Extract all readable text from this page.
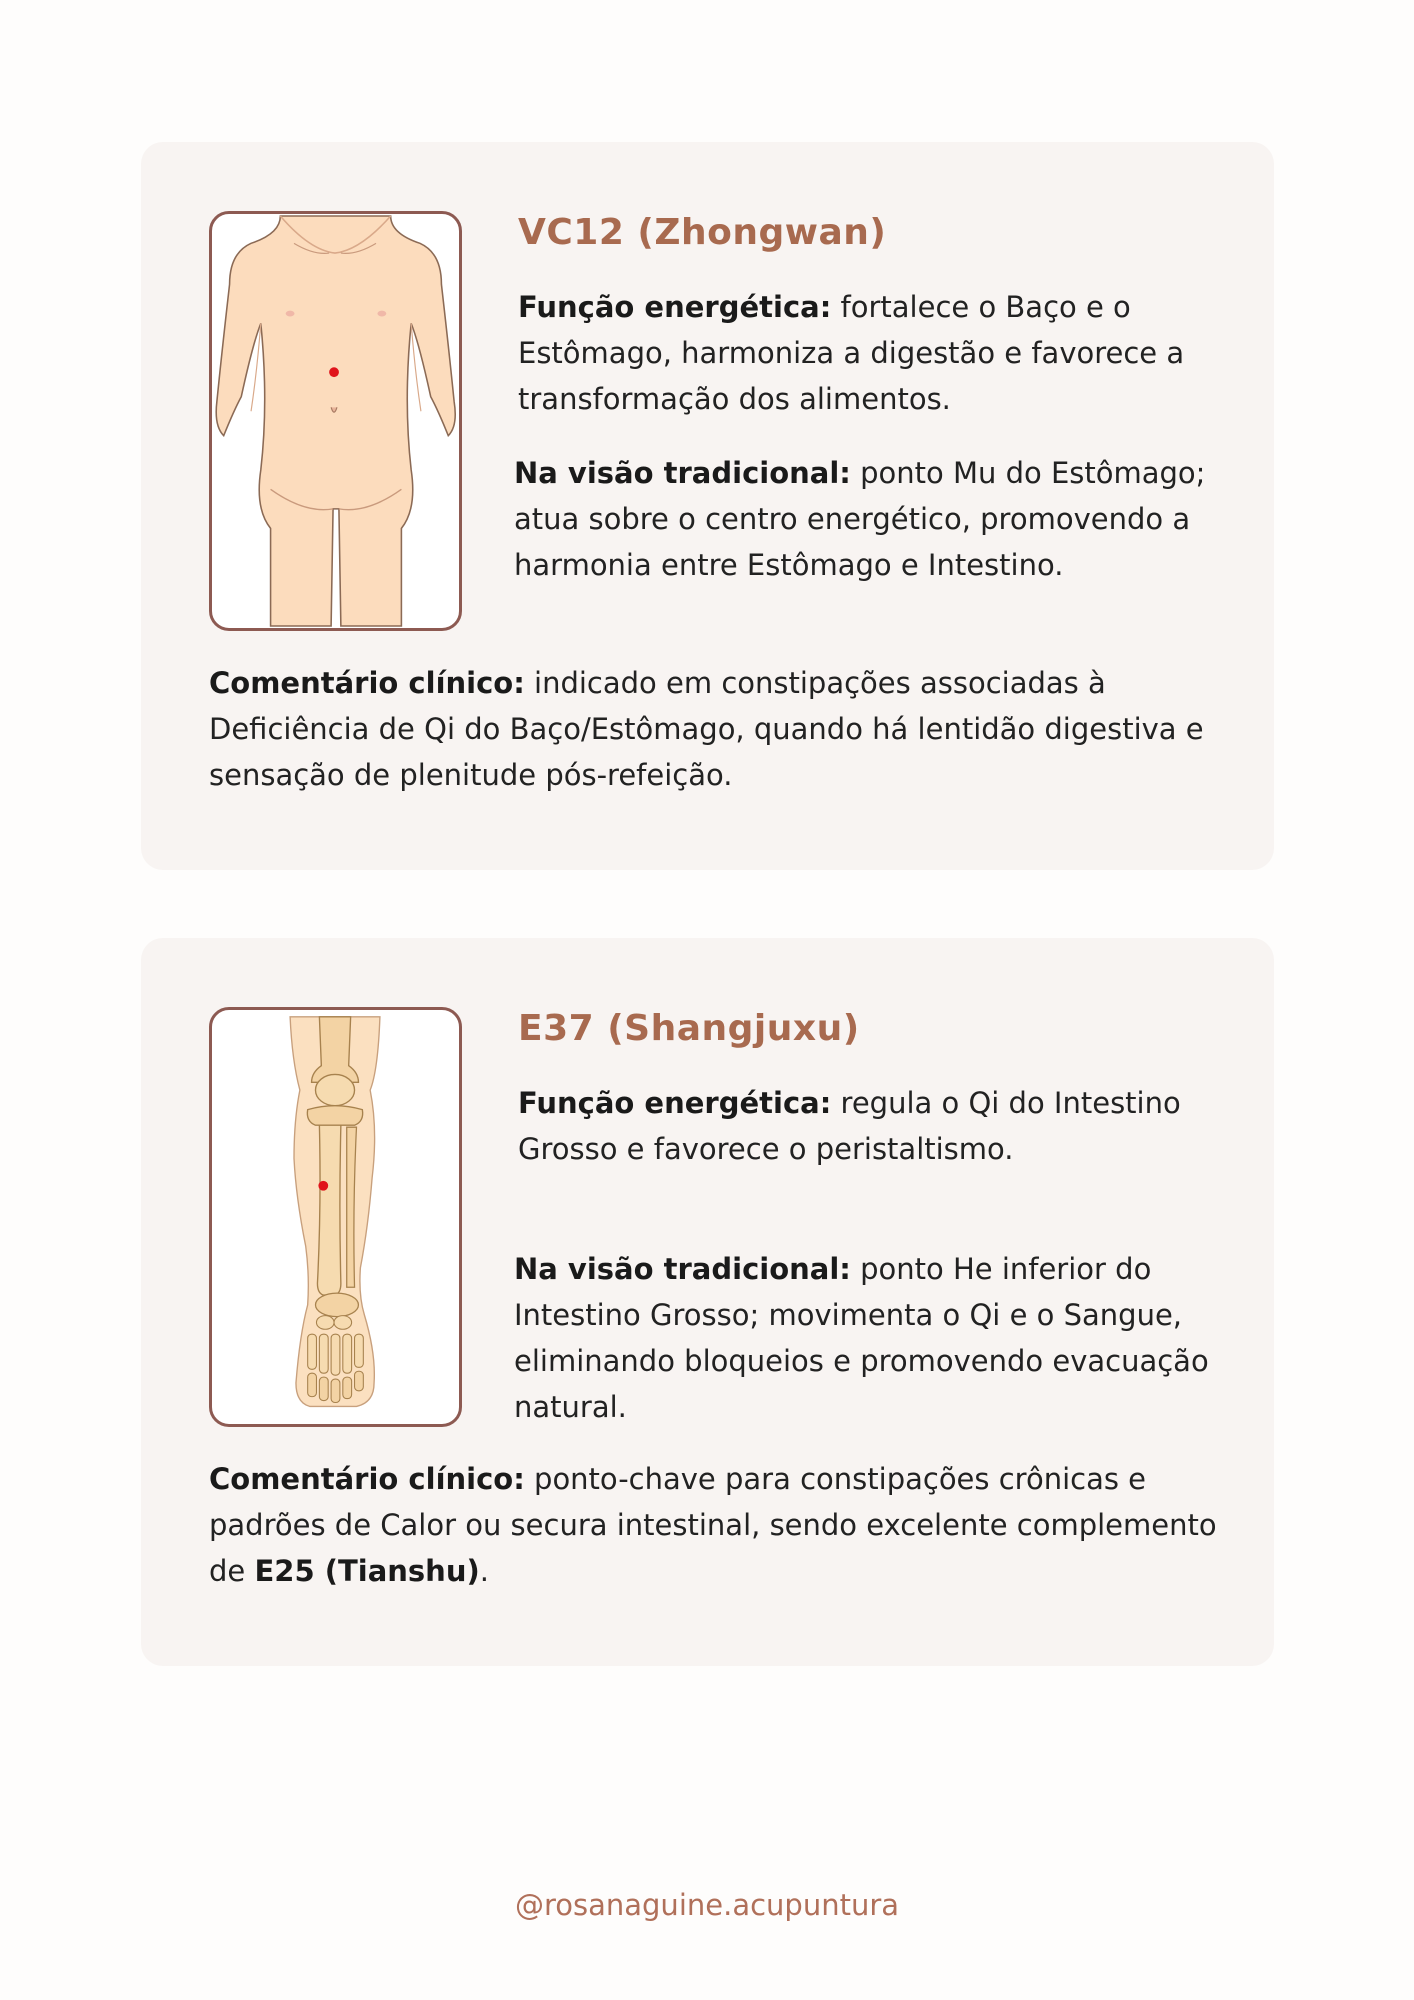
VC12 (Zhongwan)

Função energética: fortalece o Baço e o Estômago, harmoniza a digestão e favorece a transformação dos alimentos.

Na visão tradicional: ponto Mu do Estômago; atua sobre o centro energético, promovendo a harmonia entre Estômago e Intestino.

Comentário clínico: indicado em constipações associadas à Deficiência de Qi do Baço/Estômago, quando há lentidão digestiva e sensação de plenitude pós-refeição.

E37 (Shangjuxu)

Função energética: regula o Qi do Intestino Grosso e favorece o peristaltismo.

Na visão tradicional: ponto He inferior do Intestino Grosso; movimenta o Qi e o Sangue, eliminando bloqueios e promovendo evacuação natural.

Comentário clínico: ponto-chave para constipações crônicas e padrões de Calor ou secura intestinal, sendo excelente complemento de E25 (Tianshu).

@rosanaguine.acupuntura
